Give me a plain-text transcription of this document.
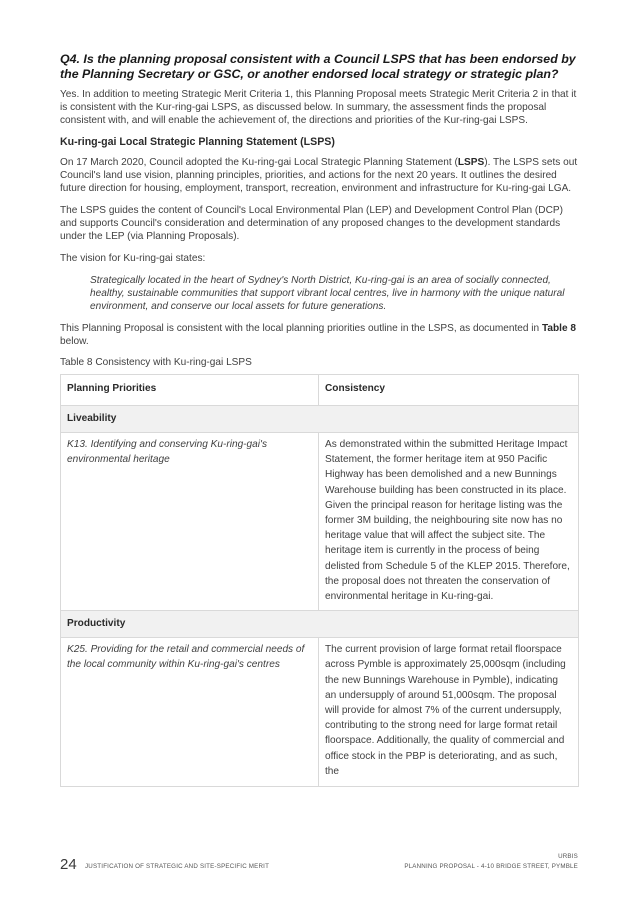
Q4. Is the planning proposal consistent with a Council LSPS that has been endorsed by the Planning Secretary or GSC, or another endorsed local strategy or strategic plan?

Yes. In addition to meeting Strategic Merit Criteria 1, this Planning Proposal meets Strategic Merit Criteria 2 in that it is consistent with the Kur-ring-gai LSPS, as discussed below. In summary, the assessment finds the proposal consistent with, and will enable the achievement of, the directions and priorities of the Kur-ring-gai LSPS.

Ku-ring-gai Local Strategic Planning Statement (LSPS)

On 17 March 2020, Council adopted the Ku-ring-gai Local Strategic Planning Statement (LSPS). The LSPS sets out Council's land use vision, planning principles, priorities, and actions for the next 20 years. It outlines the desired future direction for housing, employment, transport, recreation, environment and infrastructure for Ku-ring-gai LGA.

The LSPS guides the content of Council's Local Environmental Plan (LEP) and Development Control Plan (DCP) and supports Council's consideration and determination of any proposed changes to the development standards under the LEP (via Planning Proposals).

The vision for Ku-ring-gai states:

Strategically located in the heart of Sydney's North District, Ku-ring-gai is an area of socially connected, healthy, sustainable communities that support vibrant local centres, live in harmony with the unique natural environment, and conserve our local assets for future generations.

This Planning Proposal is consistent with the local planning priorities outline in the LSPS, as documented in Table 8 below.

Table 8 Consistency with Ku-ring-gai LSPS
Planning Priorities	Consistency
Liveability	
K13. Identifying and conserving Ku-ring-gai's environmental heritage	As demonstrated within the submitted Heritage Impact Statement, the former heritage item at 950 Pacific Highway has been demolished and a new Bunnings Warehouse building has been constructed in its place. Given the principal reason for heritage listing was the former 3M building, the neighbouring site now has no heritage value that will affect the subject site. The heritage item is currently in the process of being delisted from Schedule 5 of the KLEP 2015. Therefore, the proposal does not threaten the conservation of environmental heritage in Ku-ring-gai.
Productivity	

K25. Providing for the retail and commercial needs of the local community within Ku-ring-gai's centres	The current provision of large format retail floorspace across Pymble is approximately 25,000sqm (including the new Bunnings Warehouse in Pymble), indicating an undersupply of around 51,000sqm. The proposal will provide for almost 7% of the current undersupply, contributing to the strong need for large format retail floorspace. Additionally, the quality of commercial and office stock in the PBP is deteriorating, and as such, the
24 JUSTIFICATION OF STRATEGIC AND SITE-SPECIFIC MERIT
URBIS
PLANNING PROPOSAL - 4-10 BRIDGE STREET, PYMBLE
